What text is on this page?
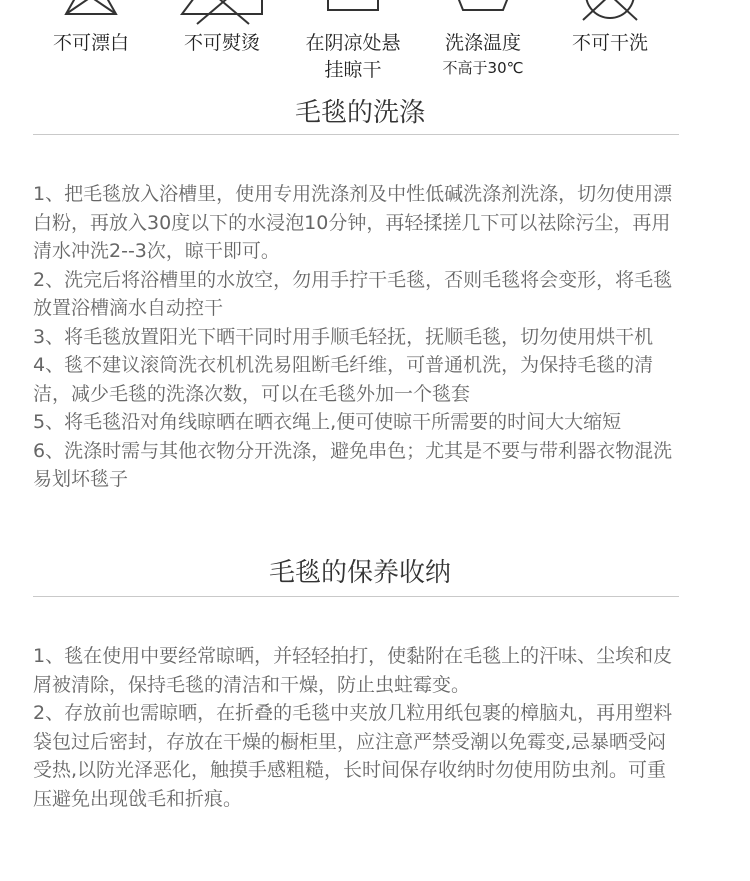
不可漂白	不可熨烫	在阴凉处悬挂晾干
洗涤温度
不高于30℃
不可干洗
毛毯的洗涤

1、把毛毯放入浴槽里，使用专用洗涤剂及中性低碱洗涤剂洗涤，切勿使用漂白粉，再放入30度以下的水浸泡10分钟，再轻揉搓几下可以祛除污尘，再用清水冲洗2--3次，晾干即可。

2、洗完后将浴槽里的水放空，勿用手拧干毛毯，否则毛毯将会变形，将毛毯放置浴槽滴水自动控干

3、将毛毯放置阳光下晒干同时用手顺毛轻抚，抚顺毛毯，切勿使用烘干机

4、毯不建议滚筒洗衣机机洗易阻断毛纤维，可普通机洗，为保持毛毯的清洁，减少毛毯的洗涤次数，可以在毛毯外加一个毯套

5、将毛毯沿对角线晾晒在晒衣绳上,便可使晾干所需要的时间大大缩短

6、洗涤时需与其他衣物分开洗涤，避免串色；尤其是不要与带利器衣物混洗易划坏毯子

毛毯的保养收纳

1、毯在使用中要经常晾晒，并轻轻拍打，使黏附在毛毯上的汗味、尘埃和皮屑被清除，保持毛毯的清洁和干燥，防止虫蛀霉变。

2、存放前也需晾晒，在折叠的毛毯中夹放几粒用纸包裹的樟脑丸，再用塑料袋包过后密封，存放在干燥的橱柜里，应注意严禁受潮以免霉变,忌暴晒受闷受热,以防光泽恶化，触摸手感粗糙，长时间保存收纳时勿使用防虫剂。可重压避免出现戗毛和折痕。
